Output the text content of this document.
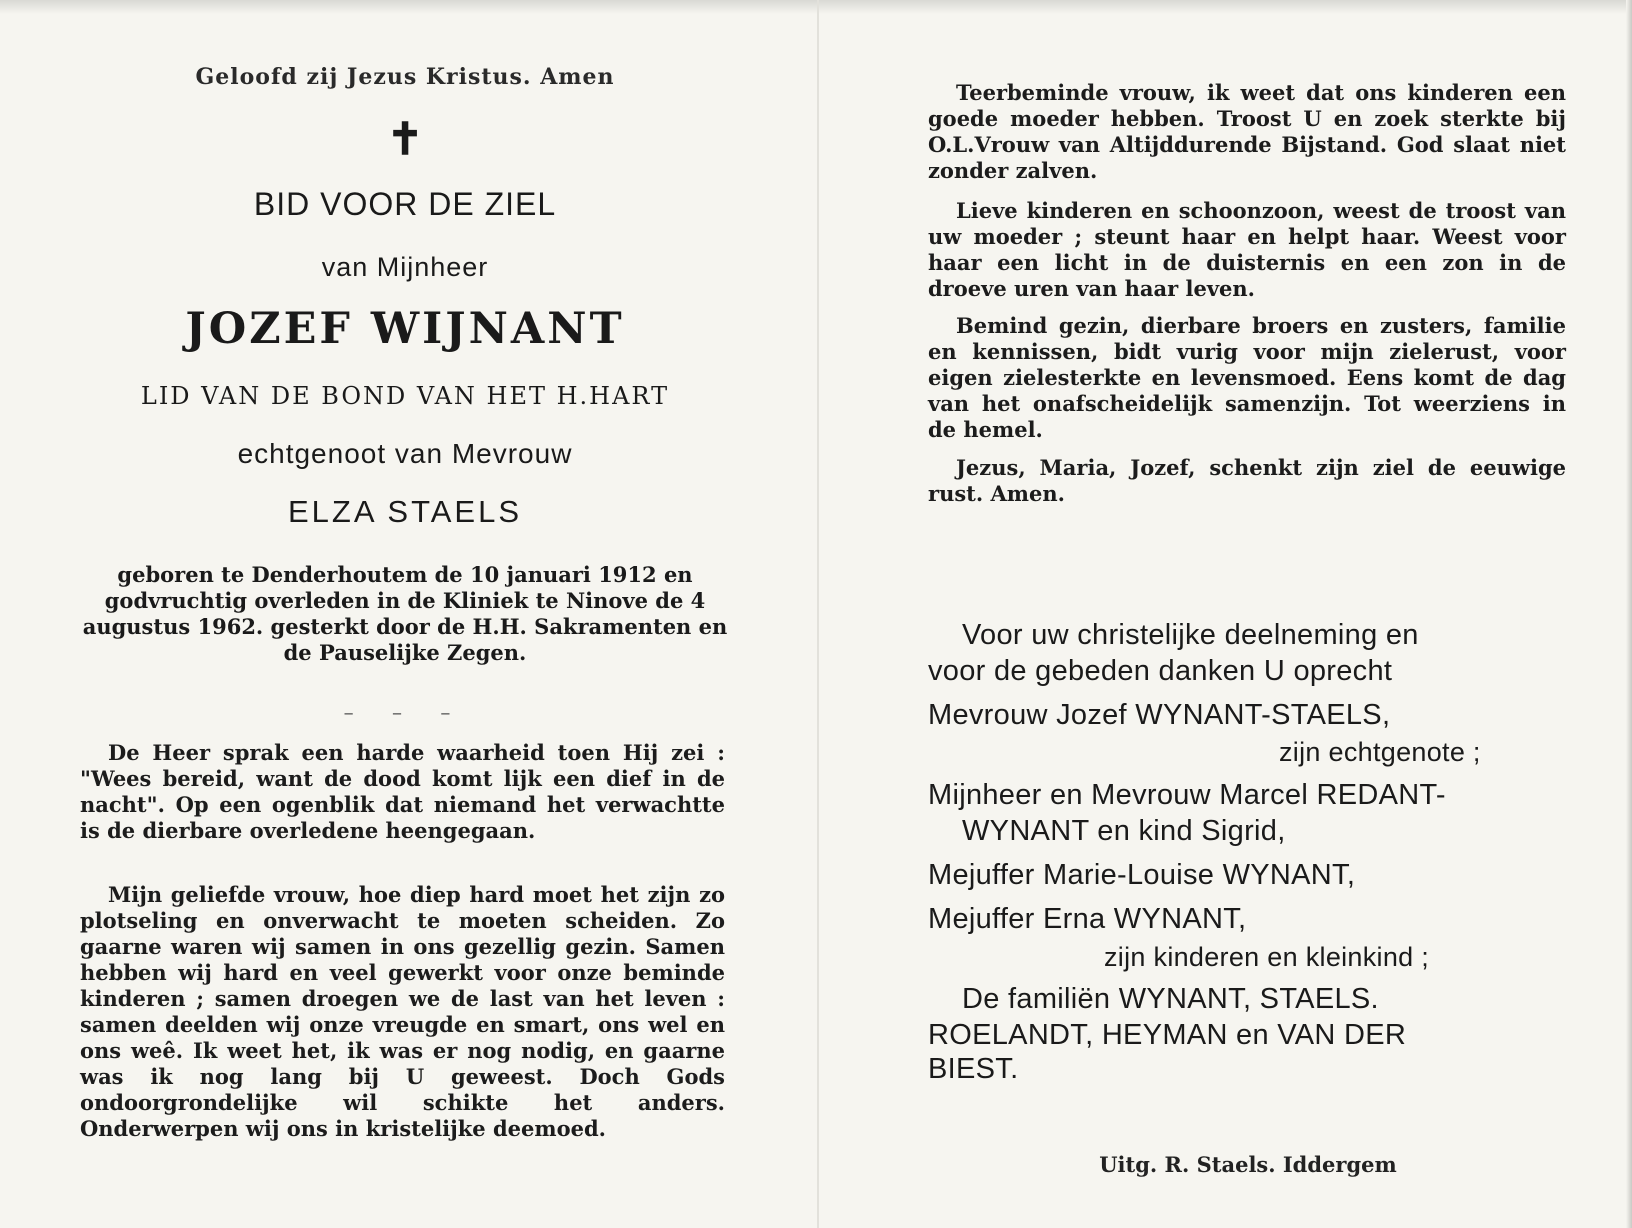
Geloofd zij Jezus Kristus. Amen
✝
BID VOOR DE ZIEL
van Mijnheer
JOZEF WIJNANT
LID VAN DE BOND VAN HET H.HART
echtgenoot van Mevrouw
ELZA STAELS
geboren te Denderhoutem de 10 januari 1912 en godvruchtig overleden in de Kliniek te Ninove de 4 augustus 1962. gesterkt door de H.H. Sakramenten en de Pauselijke Zegen.
– – –

De Heer sprak een harde waarheid toen Hij zei : "Wees bereid, want de dood komt lijk een dief in de nacht". Op een ogenblik dat niemand het verwachtte is de dierbare overledene heengegaan.

Mijn geliefde vrouw, hoe diep hard moet het zijn zo plotseling en onverwacht te moeten scheiden. Zo gaarne waren wij samen in ons gezellig gezin. Samen hebben wij hard en veel gewerkt voor onze beminde kinderen ; samen droegen we de last van het leven : samen deelden wij onze vreugde en smart, ons wel en ons weê. Ik weet het, ik was er nog nodig, en gaarne was ik nog lang bij U geweest. Doch Gods ondoorgrondelijke wil schikte het anders. Onderwerpen wij ons in kristelijke deemoed.

Teerbeminde vrouw, ik weet dat ons kinderen een goede moeder hebben. Troost U en zoek sterkte bij O.L.Vrouw van Altijddurende Bijstand. God slaat niet zonder zalven.

Lieve kinderen en schoonzoon, weest de troost van uw moeder ; steunt haar en helpt haar. Weest voor haar een licht in de duisternis en een zon in de droeve uren van haar leven.

Bemind gezin, dierbare broers en zusters, familie en kennissen, bidt vurig voor mijn zielerust, voor eigen zielesterkte en levensmoed. Eens komt de dag van het onafscheidelijk samenzijn. Tot weerziens in de hemel.

Jezus, Maria, Jozef, schenkt zijn ziel de eeuwige rust. Amen.

Voor uw christelijke deelneming en
voor de gebeden danken U oprecht
Mevrouw Jozef WYNANT-STAELS,
zijn echtgenote ;
Mijnheer en Mevrouw Marcel REDANT-
WYNANT en kind Sigrid,
Mejuffer Marie-Louise WYNANT,
Mejuffer Erna WYNANT,
zijn kinderen en kleinkind ;
De familiën WYNANT, STAELS.
ROELANDT, HEYMAN en VAN DER
BIEST.
Uitg. R. Staels. Iddergem
